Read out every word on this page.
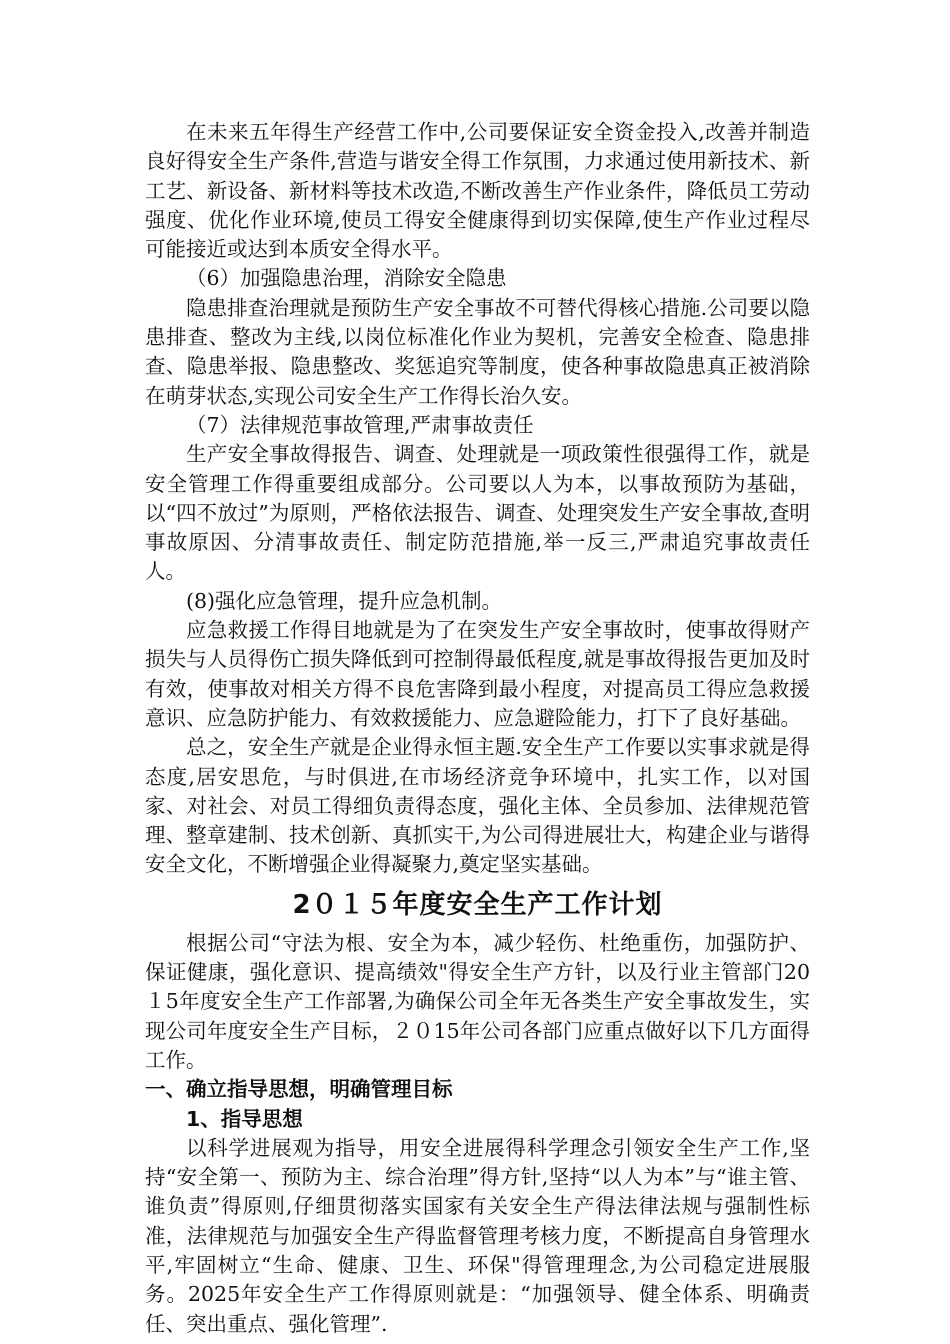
在未来五年得生产经营工作中,公司要保证安全资金投入,改善并制造良好得安全生产条件,营造与谐安全得工作氛围，力求通过使用新技术、新工艺、新设备、新材料等技术改造,不断改善生产作业条件，降低员工劳动强度、优化作业环境,使员工得安全健康得到切实保障,使生产作业过程尽可能接近或达到本质安全得水平。

（6）加强隐患治理，消除安全隐患

隐患排查治理就是预防生产安全事故不可替代得核心措施.公司要以隐患排查、整改为主线,以岗位标准化作业为契机，完善安全检查、隐患排查、隐患举报、隐患整改、奖惩追究等制度，使各种事故隐患真正被消除在萌芽状态,实现公司安全生产工作得长治久安。

（7）法律规范事故管理,严肃事故责任

生产安全事故得报告、调查、处理就是一项政策性很强得工作，就是安全管理工作得重要组成部分。公司要以人为本，以事故预防为基础，以“四不放过”为原则，严格依法报告、调查、处理突发生产安全事故,查明事故原因、分清事故责任、制定防范措施,举一反三,严肃追究事故责任人。

(8)强化应急管理，提升应急机制。

应急救援工作得目地就是为了在突发生产安全事故时，使事故得财产损失与人员得伤亡损失降低到可控制得最低程度,就是事故得报告更加及时有效，使事故对相关方得不良危害降到最小程度，对提高员工得应急救援意识、应急防护能力、有效救援能力、应急避险能力，打下了良好基础。

总之，安全生产就是企业得永恒主题.安全生产工作要以实事求就是得态度,居安思危，与时俱进,在市场经济竞争环境中，扎实工作，以对国家、对社会、对员工得细负责得态度，强化主体、全员参加、法律规范管理、整章建制、技术创新、真抓实干,为公司得进展壮大，构建企业与谐得安全文化，不断增强企业得凝聚力,奠定坚实基础。

2０１５年度安全生产工作计划

根据公司“守法为根、安全为本，减少轻伤、杜绝重伤，加强防护、保证健康，强化意识、提高绩效"得安全生产方针，以及行业主管部门20１5年度安全生产工作部署,为确保公司全年无各类生产安全事故发生，实现公司年度安全生产目标，２０15年公司各部门应重点做好以下几方面得工作。

一、确立指导思想，明确管理目标
1、指导思想

以科学进展观为指导，用安全进展得科学理念引领安全生产工作,坚持“安全第一、预防为主、综合治理”得方针,坚持“以人为本”与“谁主管、谁负责”得原则,仔细贯彻落实国家有关安全生产得法律法规与强制性标准，法律规范与加强安全生产得监督管理考核力度，不断提高自身管理水平,牢固树立“生命、健康、卫生、环保"得管理理念,为公司稳定进展服务。2025年安全生产工作得原则就是：“加强领导、健全体系、明确责任、突出重点、强化管理”.
